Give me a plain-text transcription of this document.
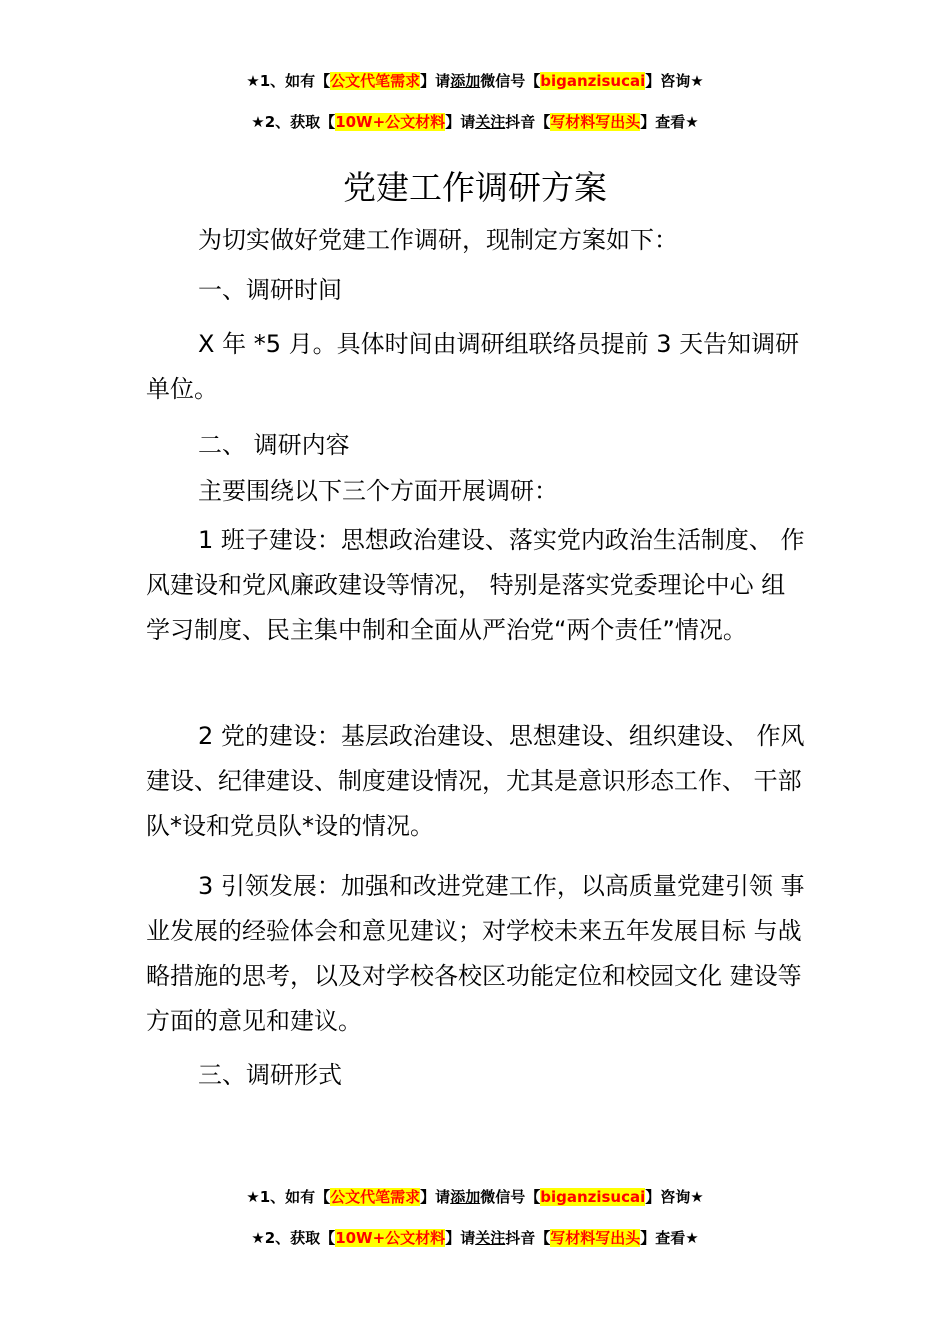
★1、如有【公文代笔需求】请添加微信号【biganzisucai】咨询★
★2、获取【10W+公文材料】请关注抖音【写材料写出头】查看★
党建工作调研方案

为切实做好党建工作调研，现制定方案如下：

一、调研时间

X 年 *5 月。具体时间由调研组联络员提前 3 天告知调研单位。

二、 调研内容

主要围绕以下三个方面开展调研：

1 班子建设：思想政治建设、落实党内政治生活制度、 作风建设和党风廉政建设等情况， 特别是落实党委理论中心 组学习制度、民主集中制和全面从严治党“两个责任”情况。

2 党的建设：基层政治建设、思想建设、组织建设、 作风建设、纪律建设、制度建设情况，尤其是意识形态工作、 干部队*设和党员队*设的情况。

3 引领发展：加强和改进党建工作，以高质量党建引领 事业发展的经验体会和意见建议；对学校未来五年发展目标 与战略措施的思考，以及对学校各校区功能定位和校园文化 建设等方面的意见和建议。

三、调研形式

★1、如有【公文代笔需求】请添加微信号【biganzisucai】咨询★
★2、获取【10W+公文材料】请关注抖音【写材料写出头】查看★
